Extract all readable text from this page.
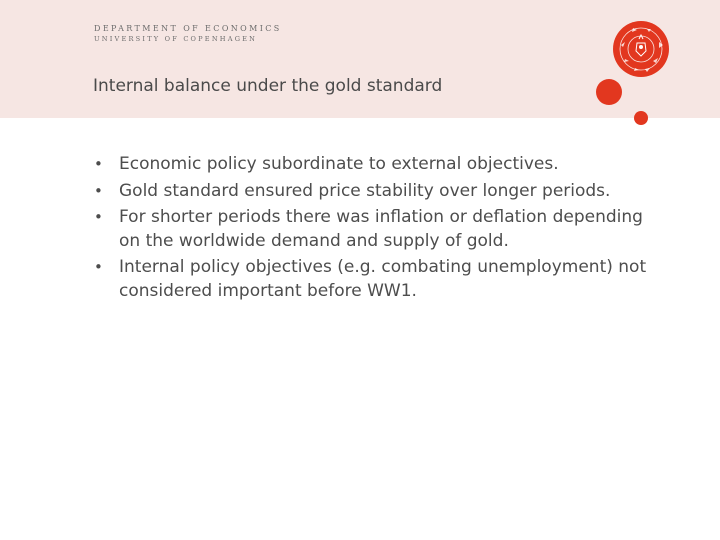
DEPARTMENT OF ECONOMICS
UNIVERSITY OF COPENHAGEN
Internal balance under the gold standard
• Economic policy subordinate to external objectives.
• Gold standard ensured price stability over longer periods.
• For shorter periods there was inflation or deflation depending on the worldwide demand and supply of gold.
• Internal policy objectives (e.g. combating unemployment) not considered important before WW1.
